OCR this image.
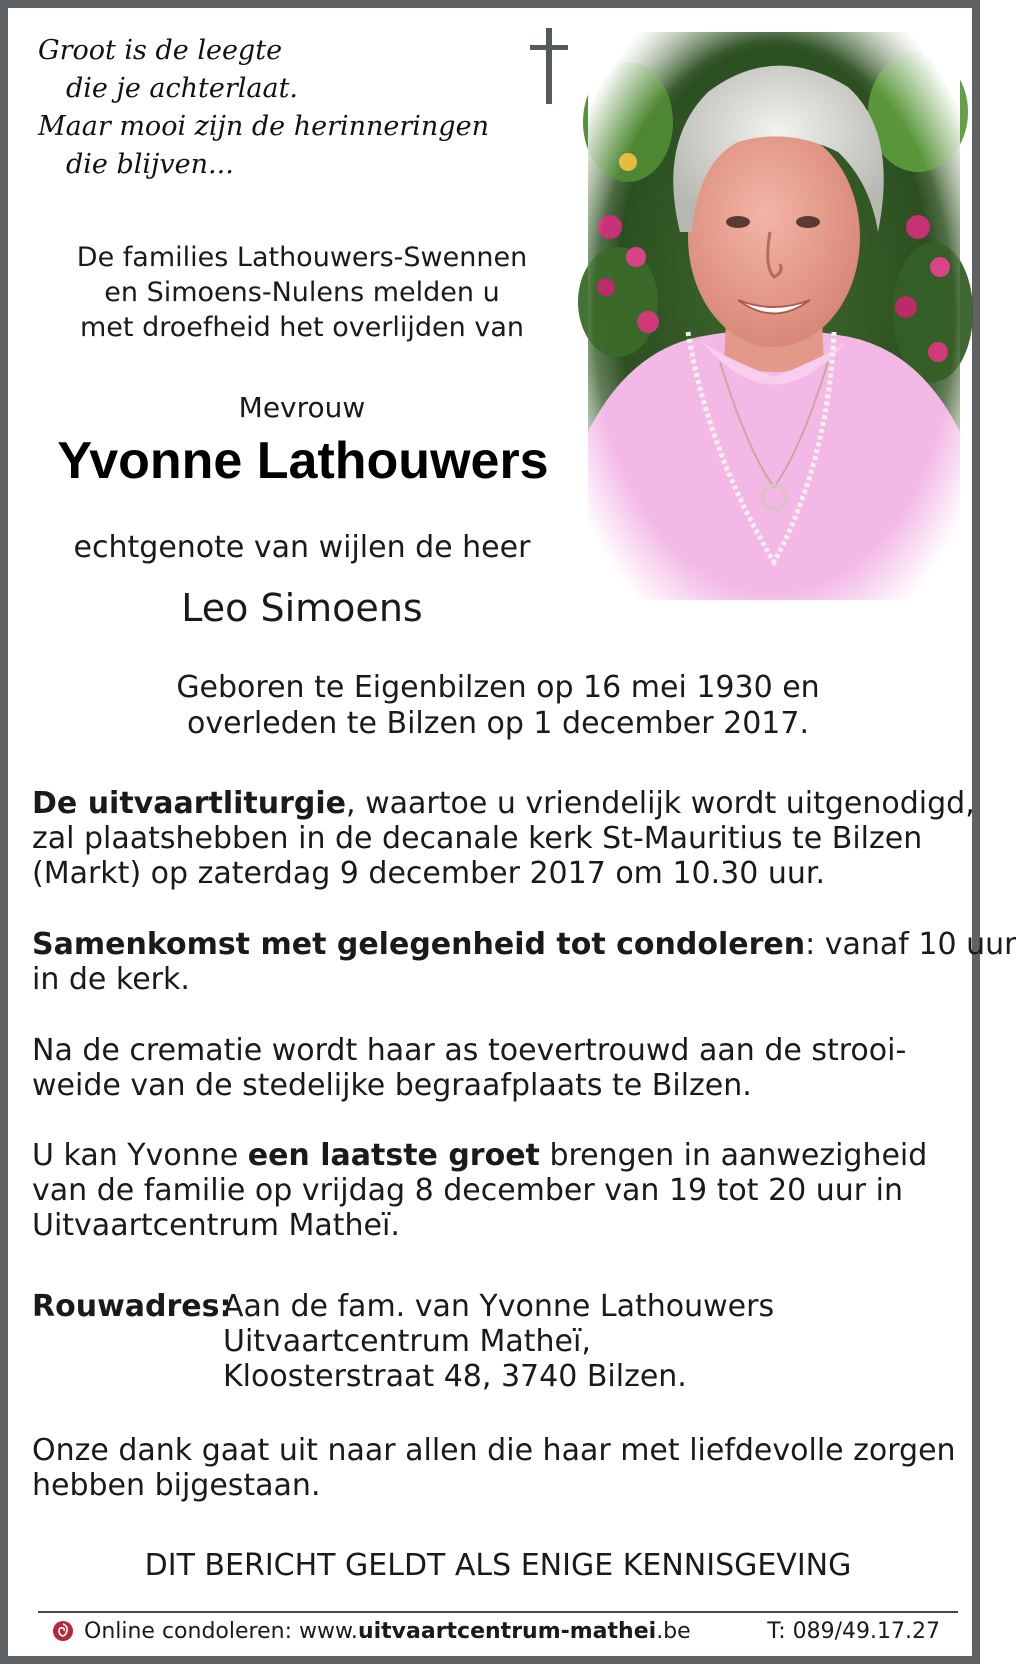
Groot is de leegte
die je achterlaat.
Maar mooi zijn de herinneringen
die blijven...
De families Lathouwers-Swennen
en Simoens-Nulens melden u
met droefheid het overlijden van
Mevrouw
Yvonne Lathouwers
echtgenote van wijlen de heer
Leo Simoens
Geboren te Eigenbilzen op 16 mei 1930 en
overleden te Bilzen op 1 december 2017.
De uitvaartliturgie, waartoe u vriendelijk wordt uitgenodigd,
zal plaatshebben in de decanale kerk St-Mauritius te Bilzen
(Markt) op zaterdag 9 december 2017 om 10.30 uur.
Samenkomst met gelegenheid tot condoleren: vanaf 10 uur
in de kerk.
Na de crematie wordt haar as toevertrouwd aan de strooi-
weide van de stedelijke begraafplaats te Bilzen.
U kan Yvonne een laatste groet brengen in aanwezigheid
van de familie op vrijdag 8 december van 19 tot 20 uur in
Uitvaartcentrum Matheï.
Rouwadres:
Aan de fam. van Yvonne Lathouwers
Uitvaartcentrum Matheï,
Kloosterstraat 48, 3740 Bilzen.
Onze dank gaat uit naar allen die haar met liefdevolle zorgen
hebben bijgestaan.
DIT BERICHT GELDT ALS ENIGE KENNISGEVING
Online condoleren: www.uitvaartcentrum-mathei.be	T: 089/49.17.27
